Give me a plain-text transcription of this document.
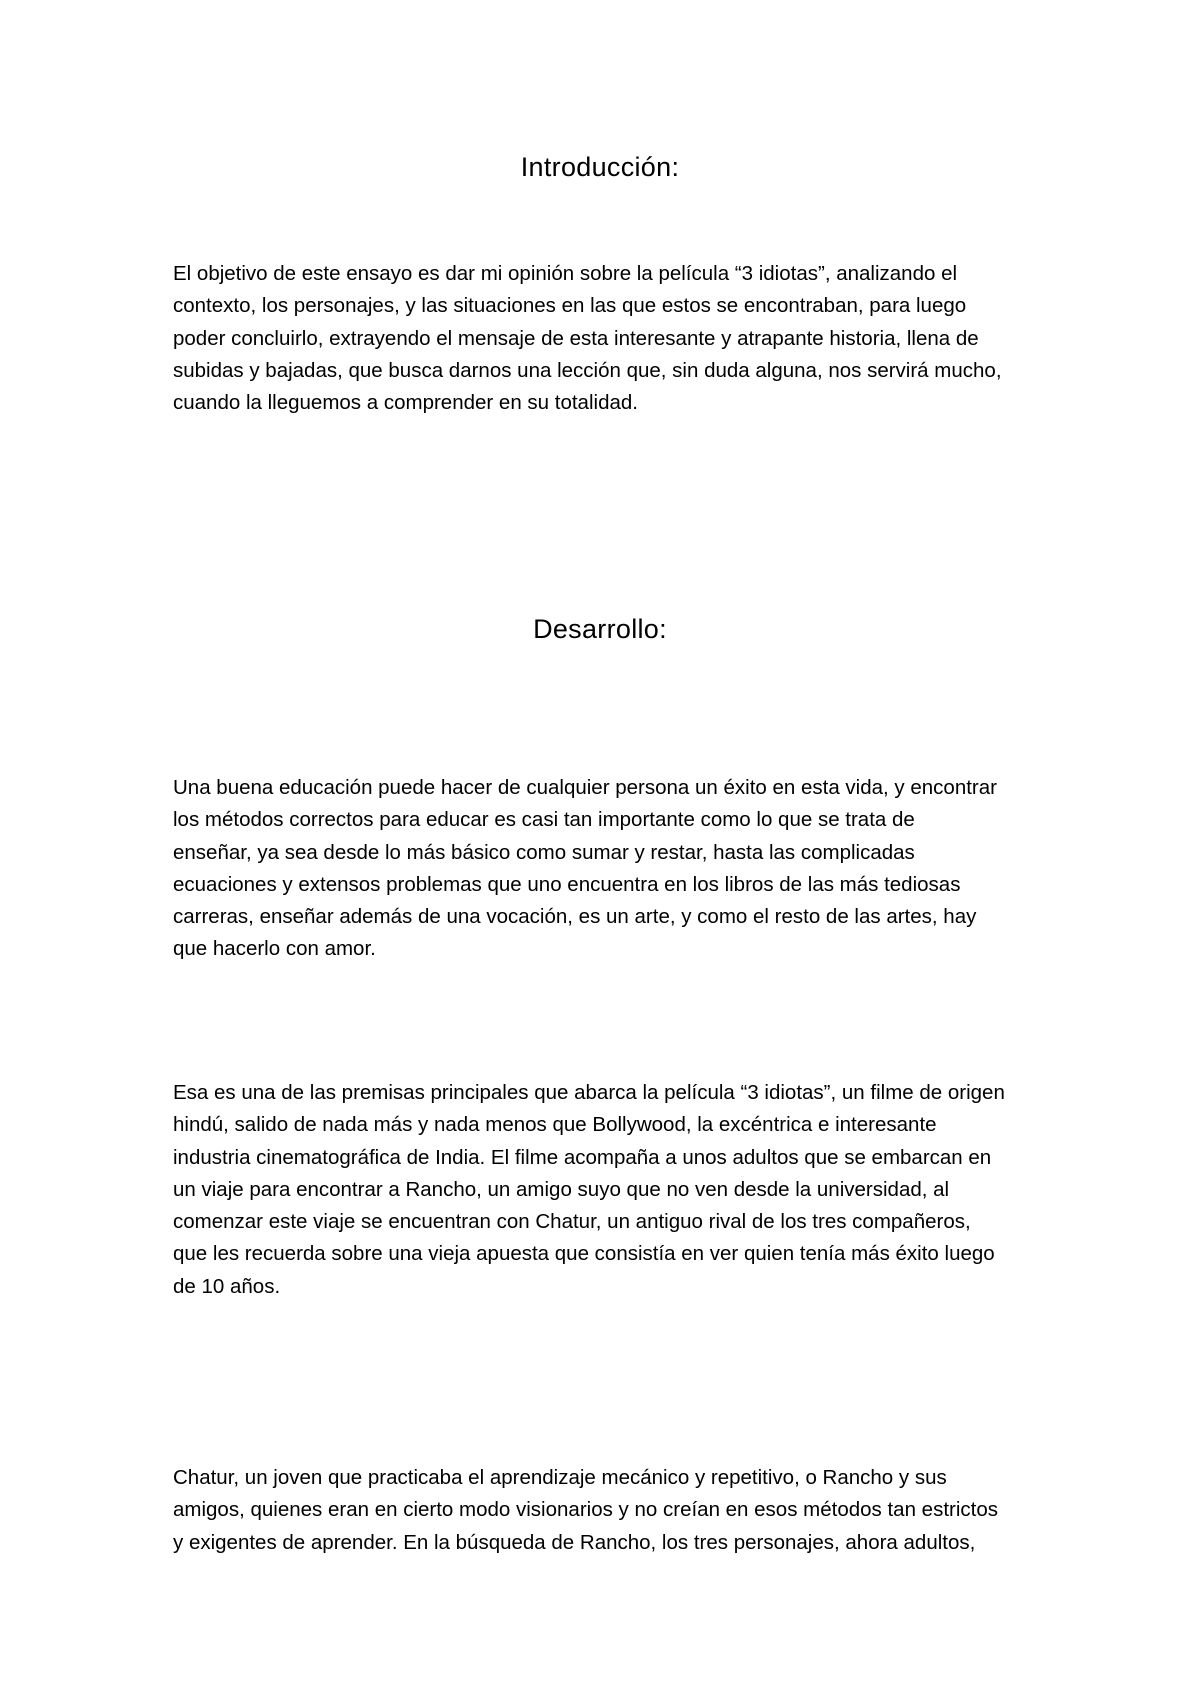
Introducción:

El objetivo de este ensayo es dar mi opinión sobre la película “3 idiotas”, analizando el
contexto, los personajes, y las situaciones en las que estos se encontraban, para luego
poder concluirlo, extrayendo el mensaje de esta interesante y atrapante historia, llena de
subidas y bajadas, que busca darnos una lección que, sin duda alguna, nos servirá mucho,
cuando la lleguemos a comprender en su totalidad.

Desarrollo:

Una buena educación puede hacer de cualquier persona un éxito en esta vida, y encontrar
los métodos correctos para educar es casi tan importante como lo que se trata de
enseñar, ya sea desde lo más básico como sumar y restar, hasta las complicadas
ecuaciones y extensos problemas que uno encuentra en los libros de las más tediosas
carreras, enseñar además de una vocación, es un arte, y como el resto de las artes, hay
que hacerlo con amor.

Esa es una de las premisas principales que abarca la película “3 idiotas”, un filme de origen
hindú, salido de nada más y nada menos que Bollywood, la excéntrica e interesante
industria cinematográfica de India. El filme acompaña a unos adultos que se embarcan en
un viaje para encontrar a Rancho, un amigo suyo que no ven desde la universidad, al
comenzar este viaje se encuentran con Chatur, un antiguo rival de los tres compañeros,
que les recuerda sobre una vieja apuesta que consistía en ver quien tenía más éxito luego
de 10 años.

Chatur, un joven que practicaba el aprendizaje mecánico y repetitivo, o Rancho y sus
amigos, quienes eran en cierto modo visionarios y no creían en esos métodos tan estrictos
y exigentes de aprender. En la búsqueda de Rancho, los tres personajes, ahora adultos,
